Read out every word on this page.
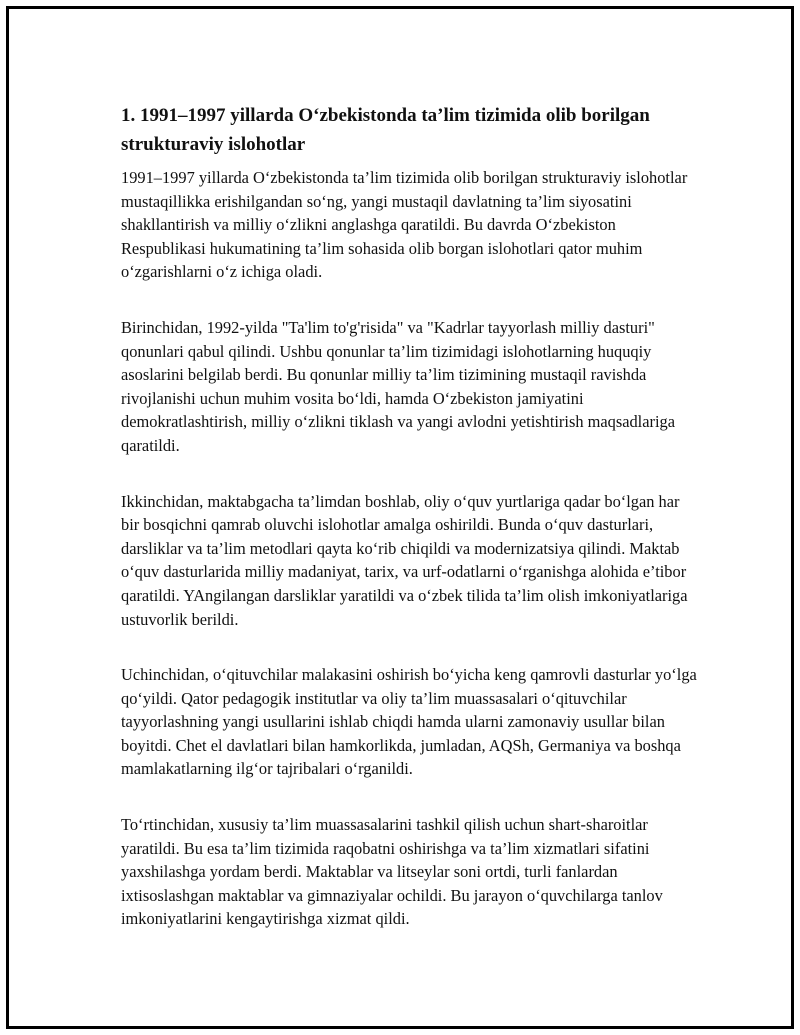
1. 1991–1997 yillarda O‘zbekistonda ta’lim tizimida olib borilgan strukturaviy islohotlar

1991–1997 yillarda O‘zbekistonda ta’lim tizimida olib borilgan strukturaviy islohotlar mustaqillikka erishilgandan so‘ng, yangi mustaqil davlatning ta’lim siyosatini shakllantirish va milliy o‘zlikni anglashga qaratildi. Bu davrda O‘zbekiston Respublikasi hukumatining ta’lim sohasida olib borgan islohotlari qator muhim o‘zgarishlarni o‘z ichiga oladi.

Birinchidan, 1992-yilda "Ta'lim to'g'risida" va "Kadrlar tayyorlash milliy dasturi" qonunlari qabul qilindi. Ushbu qonunlar ta’lim tizimidagi islohotlarning huquqiy asoslarini belgilab berdi. Bu qonunlar milliy ta’lim tizimining mustaqil ravishda rivojlanishi uchun muhim vosita bo‘ldi, hamda O‘zbekiston jamiyatini demokratlashtirish, milliy o‘zlikni tiklash va yangi avlodni yetishtirish maqsadlariga qaratildi.

Ikkinchidan, maktabgacha ta’limdan boshlab, oliy o‘quv yurtlariga qadar bo‘lgan har bir bosqichni qamrab oluvchi islohotlar amalga oshirildi. Bunda o‘quv dasturlari, darsliklar va ta’lim metodlari qayta ko‘rib chiqildi va modernizatsiya qilindi. Maktab o‘quv dasturlarida milliy madaniyat, tarix, va urf-odatlarni o‘rganishga alohida e’tibor qaratildi. YAngilangan darsliklar yaratildi va o‘zbek tilida ta’lim olish imkoniyatlariga ustuvorlik berildi.

Uchinchidan, o‘qituvchilar malakasini oshirish bo‘yicha keng qamrovli dasturlar yo‘lga qo‘yildi. Qator pedagogik institutlar va oliy ta’lim muassasalari o‘qituvchilar tayyorlashning yangi usullarini ishlab chiqdi hamda ularni zamonaviy usullar bilan boyitdi. Chet el davlatlari bilan hamkorlikda, jumladan, AQSh, Germaniya va boshqa mamlakatlarning ilg‘or tajribalari o‘rganildi.

To‘rtinchidan, xususiy ta’lim muassasalarini tashkil qilish uchun shart-sharoitlar yaratildi. Bu esa ta’lim tizimida raqobatni oshirishga va ta’lim xizmatlari sifatini yaxshilashga yordam berdi. Maktablar va litseylar soni ortdi, turli fanlardan ixtisoslashgan maktablar va gimnaziyalar ochildi. Bu jarayon o‘quvchilarga tanlov imkoniyatlarini kengaytirishga xizmat qildi.
